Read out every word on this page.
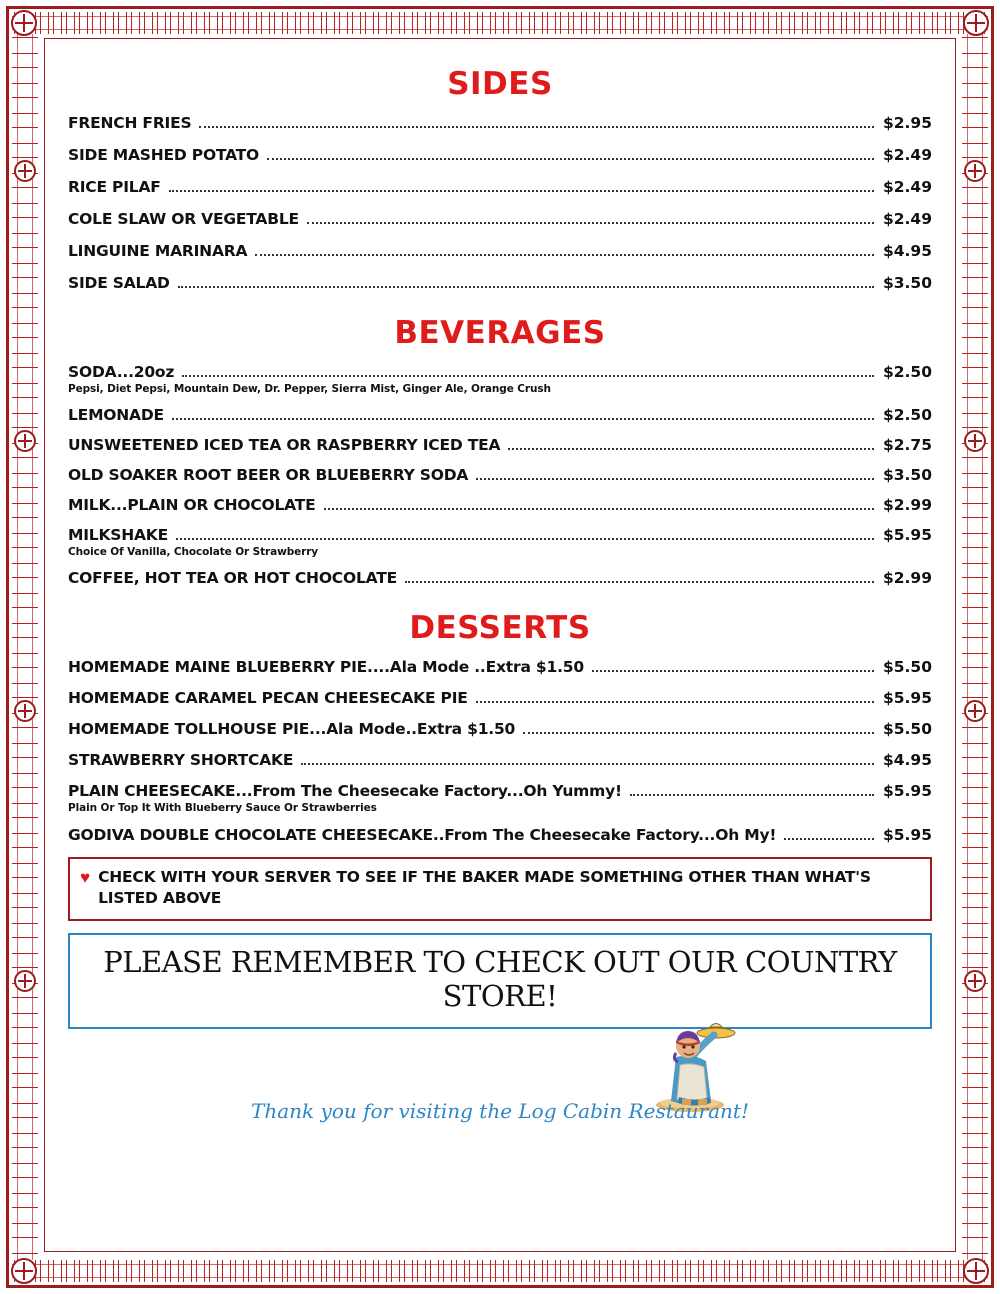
SIDES
FRENCH FRIES	$2.95
SIDE MASHED POTATO	$2.49
RICE PILAF	$2.49
COLE SLAW OR VEGETABLE	$2.49
LINGUINE MARINARA	$4.95
SIDE SALAD	$3.50
BEVERAGES
SODA...20oz	$2.50
Pepsi, Diet Pepsi, Mountain Dew, Dr. Pepper, Sierra Mist, Ginger Ale, Orange Crush
LEMONADE	$2.50
UNSWEETENED ICED TEA OR RASPBERRY ICED TEA	$2.75
OLD SOAKER ROOT BEER OR BLUEBERRY SODA	$3.50
MILK...PLAIN OR CHOCOLATE	$2.99
MILKSHAKE	$5.95
Choice Of Vanilla, Chocolate Or Strawberry
COFFEE, HOT TEA OR HOT CHOCOLATE	$2.99
DESSERTS
HOMEMADE MAINE BLUEBERRY PIE....Ala Mode ..Extra $1.50	$5.50
HOMEMADE CARAMEL PECAN CHEESECAKE PIE	$5.95
HOMEMADE TOLLHOUSE PIE...Ala Mode..Extra $1.50	$5.50
STRAWBERRY SHORTCAKE	$4.95
PLAIN CHEESECAKE...From The Cheesecake Factory...Oh Yummy!	$5.95
Plain Or Top It With Blueberry Sauce Or Strawberries
GODIVA DOUBLE CHOCOLATE CHEESECAKE..From The Cheesecake Factory...Oh My!	$5.95
♥ CHECK WITH YOUR SERVER TO SEE IF THE BAKER MADE SOMETHING OTHER THAN WHAT'S LISTED ABOVE
PLEASE REMEMBER TO CHECK OUT OUR COUNTRY STORE!
Thank you for visiting the Log Cabin Restaurant!
